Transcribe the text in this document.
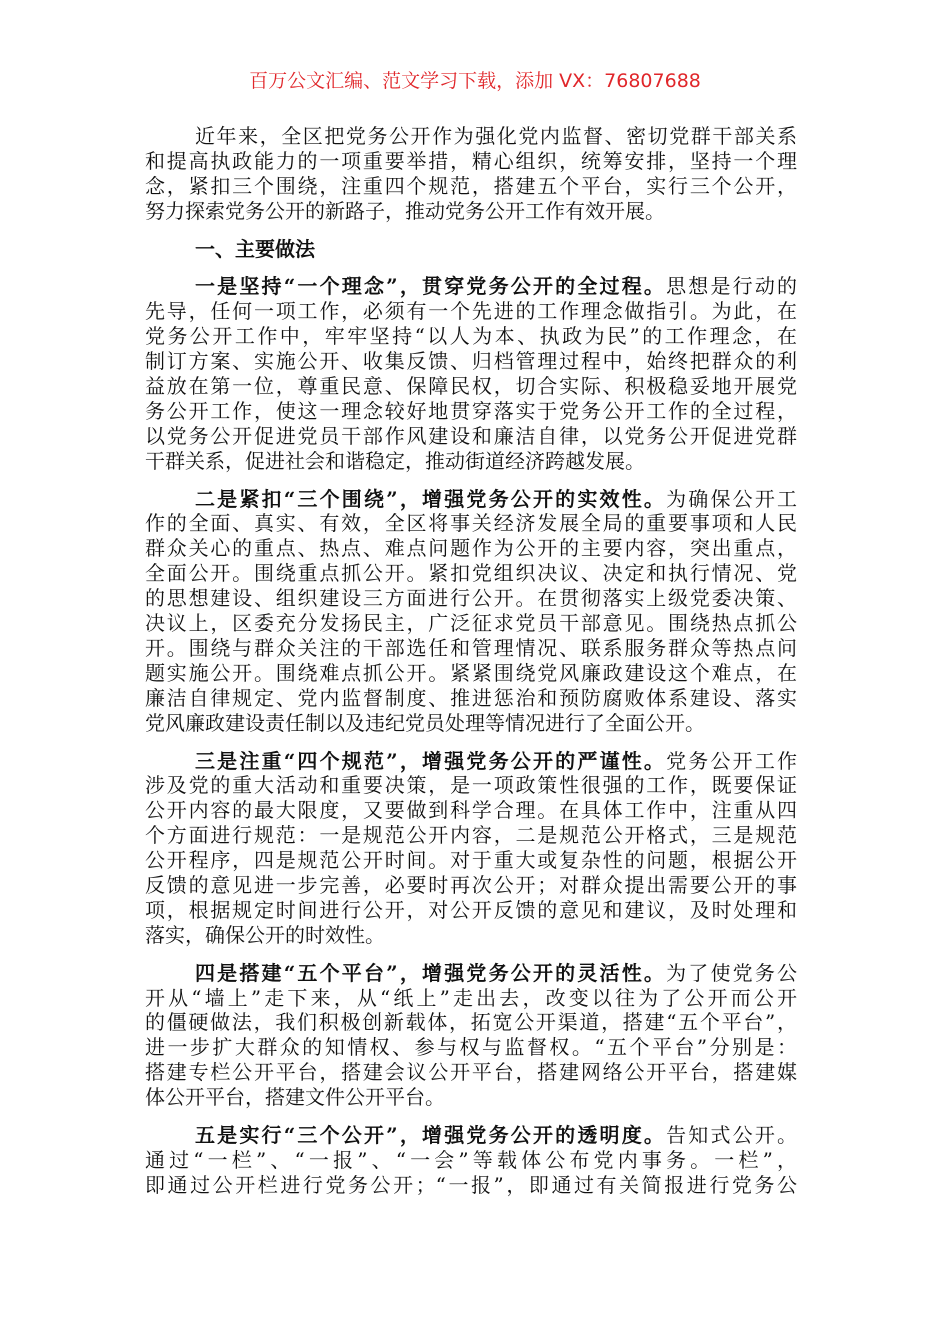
百万公文汇编、范文学习下载，添加 VX：76807688
近年来，全区把党务公开作为强化党内监督、密切党群干部关系
和提高执政能力的一项重要举措，精心组织，统筹安排，坚持一个理
念，紧扣三个围绕，注重四个规范，搭建五个平台，实行三个公开，
努力探索党务公开的新路子，推动党务公开工作有效开展。
一、主要做法
一是坚持“一个理念”，贯穿党务公开的全过程。思想是行动的
先导，任何一项工作，必须有一个先进的工作理念做指引。为此，在
党务公开工作中，牢牢坚持“以人为本、执政为民”的工作理念，在
制订方案、实施公开、收集反馈、归档管理过程中，始终把群众的利
益放在第一位，尊重民意、保障民权，切合实际、积极稳妥地开展党
务公开工作，使这一理念较好地贯穿落实于党务公开工作的全过程，
以党务公开促进党员干部作风建设和廉洁自律，以党务公开促进党群
干群关系，促进社会和谐稳定，推动街道经济跨越发展。
二是紧扣“三个围绕”，增强党务公开的实效性。为确保公开工
作的全面、真实、有效，全区将事关经济发展全局的重要事项和人民
群众关心的重点、热点、难点问题作为公开的主要内容，突出重点，
全面公开。围绕重点抓公开。紧扣党组织决议、决定和执行情况、党
的思想建设、组织建设三方面进行公开。在贯彻落实上级党委决策、
决议上，区委充分发扬民主，广泛征求党员干部意见。围绕热点抓公
开。围绕与群众关注的干部选任和管理情况、联系服务群众等热点问
题实施公开。围绕难点抓公开。紧紧围绕党风廉政建设这个难点，在
廉洁自律规定、党内监督制度、推进惩治和预防腐败体系建设、落实
党风廉政建设责任制以及违纪党员处理等情况进行了全面公开。
三是注重“四个规范”，增强党务公开的严谨性。党务公开工作
涉及党的重大活动和重要决策，是一项政策性很强的工作，既要保证
公开内容的最大限度，又要做到科学合理。在具体工作中，注重从四
个方面进行规范：一是规范公开内容，二是规范公开格式，三是规范
公开程序，四是规范公开时间。对于重大或复杂性的问题，根据公开
反馈的意见进一步完善，必要时再次公开；对群众提出需要公开的事
项，根据规定时间进行公开，对公开反馈的意见和建议，及时处理和
落实，确保公开的时效性。
四是搭建“五个平台”，增强党务公开的灵活性。为了使党务公
开从“墙上”走下来，从“纸上”走出去，改变以往为了公开而公开
的僵硬做法，我们积极创新载体，拓宽公开渠道，搭建“五个平台”，
进一步扩大群众的知情权、参与权与监督权。“五个平台”分别是：
搭建专栏公开平台，搭建会议公开平台，搭建网络公开平台，搭建媒
体公开平台，搭建文件公开平台。
五是实行“三个公开”，增强党务公开的透明度。告知式公开。
通过“一栏”、“一报”、“一会”等载体公布党内事务。一栏”，
即通过公开栏进行党务公开；“一报”，即通过有关简报进行党务公
